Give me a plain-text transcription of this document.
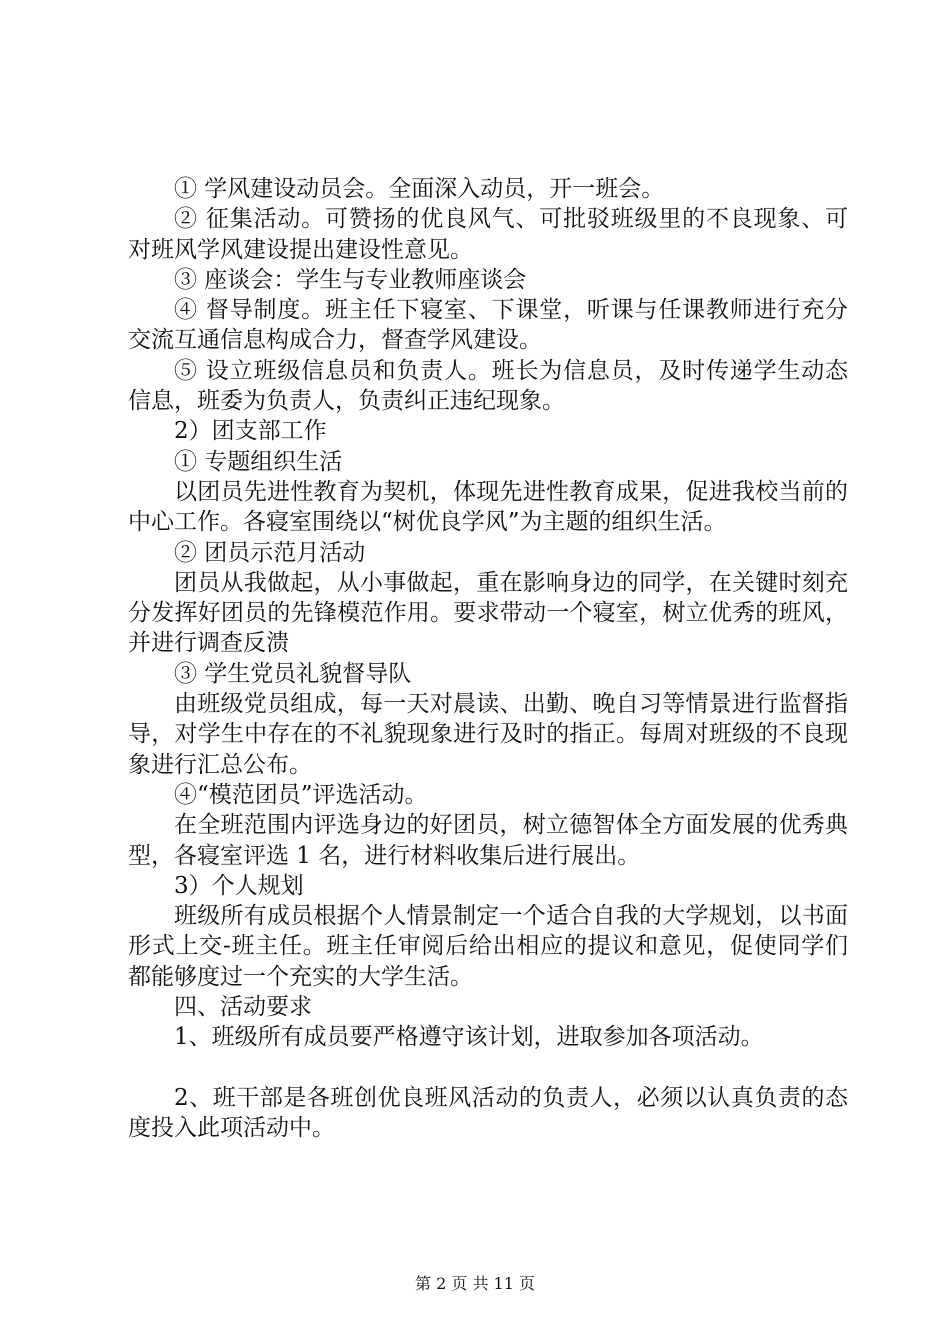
① 学风建设动员会。全面深入动员，开一班会。

② 征集活动。可赞扬的优良风气、可批驳班级里的不良现象、可对班风学风建设提出建设性意见。

③ 座谈会：学生与专业教师座谈会

④ 督导制度。班主任下寝室、下课堂，听课与任课教师进行充分交流互通信息构成合力，督查学风建设。

⑤ 设立班级信息员和负责人。班长为信息员，及时传递学生动态信息，班委为负责人，负责纠正违纪现象。

2）团支部工作

① 专题组织生活

以团员先进性教育为契机，体现先进性教育成果，促进我校当前的中心工作。各寝室围绕以“树优良学风”为主题的组织生活。

② 团员示范月活动

团员从我做起，从小事做起，重在影响身边的同学，在关键时刻充分发挥好团员的先锋模范作用。要求带动一个寝室，树立优秀的班风，并进行调查反溃

③ 学生党员礼貌督导队

由班级党员组成，每一天对晨读、出勤、晚自习等情景进行监督指导，对学生中存在的不礼貌现象进行及时的指正。每周对班级的不良现象进行汇总公布。

④“模范团员”评选活动。

在全班范围内评选身边的好团员，树立德智体全方面发展的优秀典型，各寝室评选 1 名，进行材料收集后进行展出。

3）个人规划

班级所有成员根据个人情景制定一个适合自我的大学规划，以书面形式上交-班主任。班主任审阅后给出相应的提议和意见，促使同学们都能够度过一个充实的大学生活。

四、活动要求

1、班级所有成员要严格遵守该计划，进取参加各项活动。

2、班干部是各班创优良班风活动的负责人，必须以认真负责的态度投入此项活动中。

第 2 页 共 11 页
